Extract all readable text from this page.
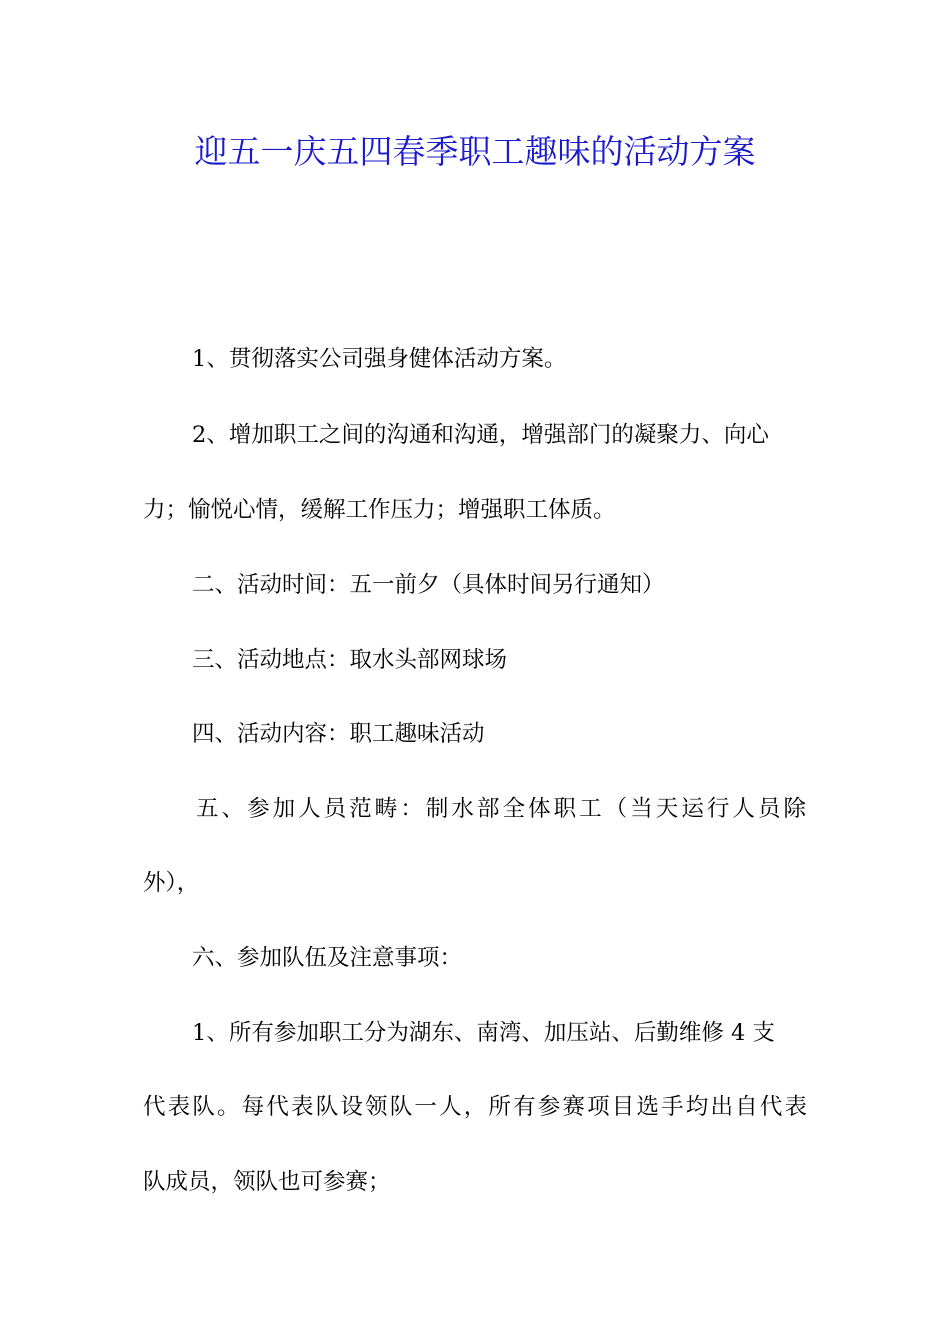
迎五一庆五四春季职工趣味的活动方案
1、贯彻落实公司强身健体活动方案。
2、增加职工之间的沟通和沟通，增强部门的凝聚力、向心
力；愉悦心情，缓解工作压力；增强职工体质。
二、活动时间：五一前夕（具体时间另行通知）
三、活动地点：取水头部网球场
四、活动内容：职工趣味活动
五、参加人员范畴：制水部全体职工（当天运行人员除
外），
六、参加队伍及注意事项：
1、所有参加职工分为湖东、南湾、加压站、后勤维修 4 支
代表队。每代表队设领队一人，所有参赛项目选手均出自代表
队成员，领队也可参赛；
